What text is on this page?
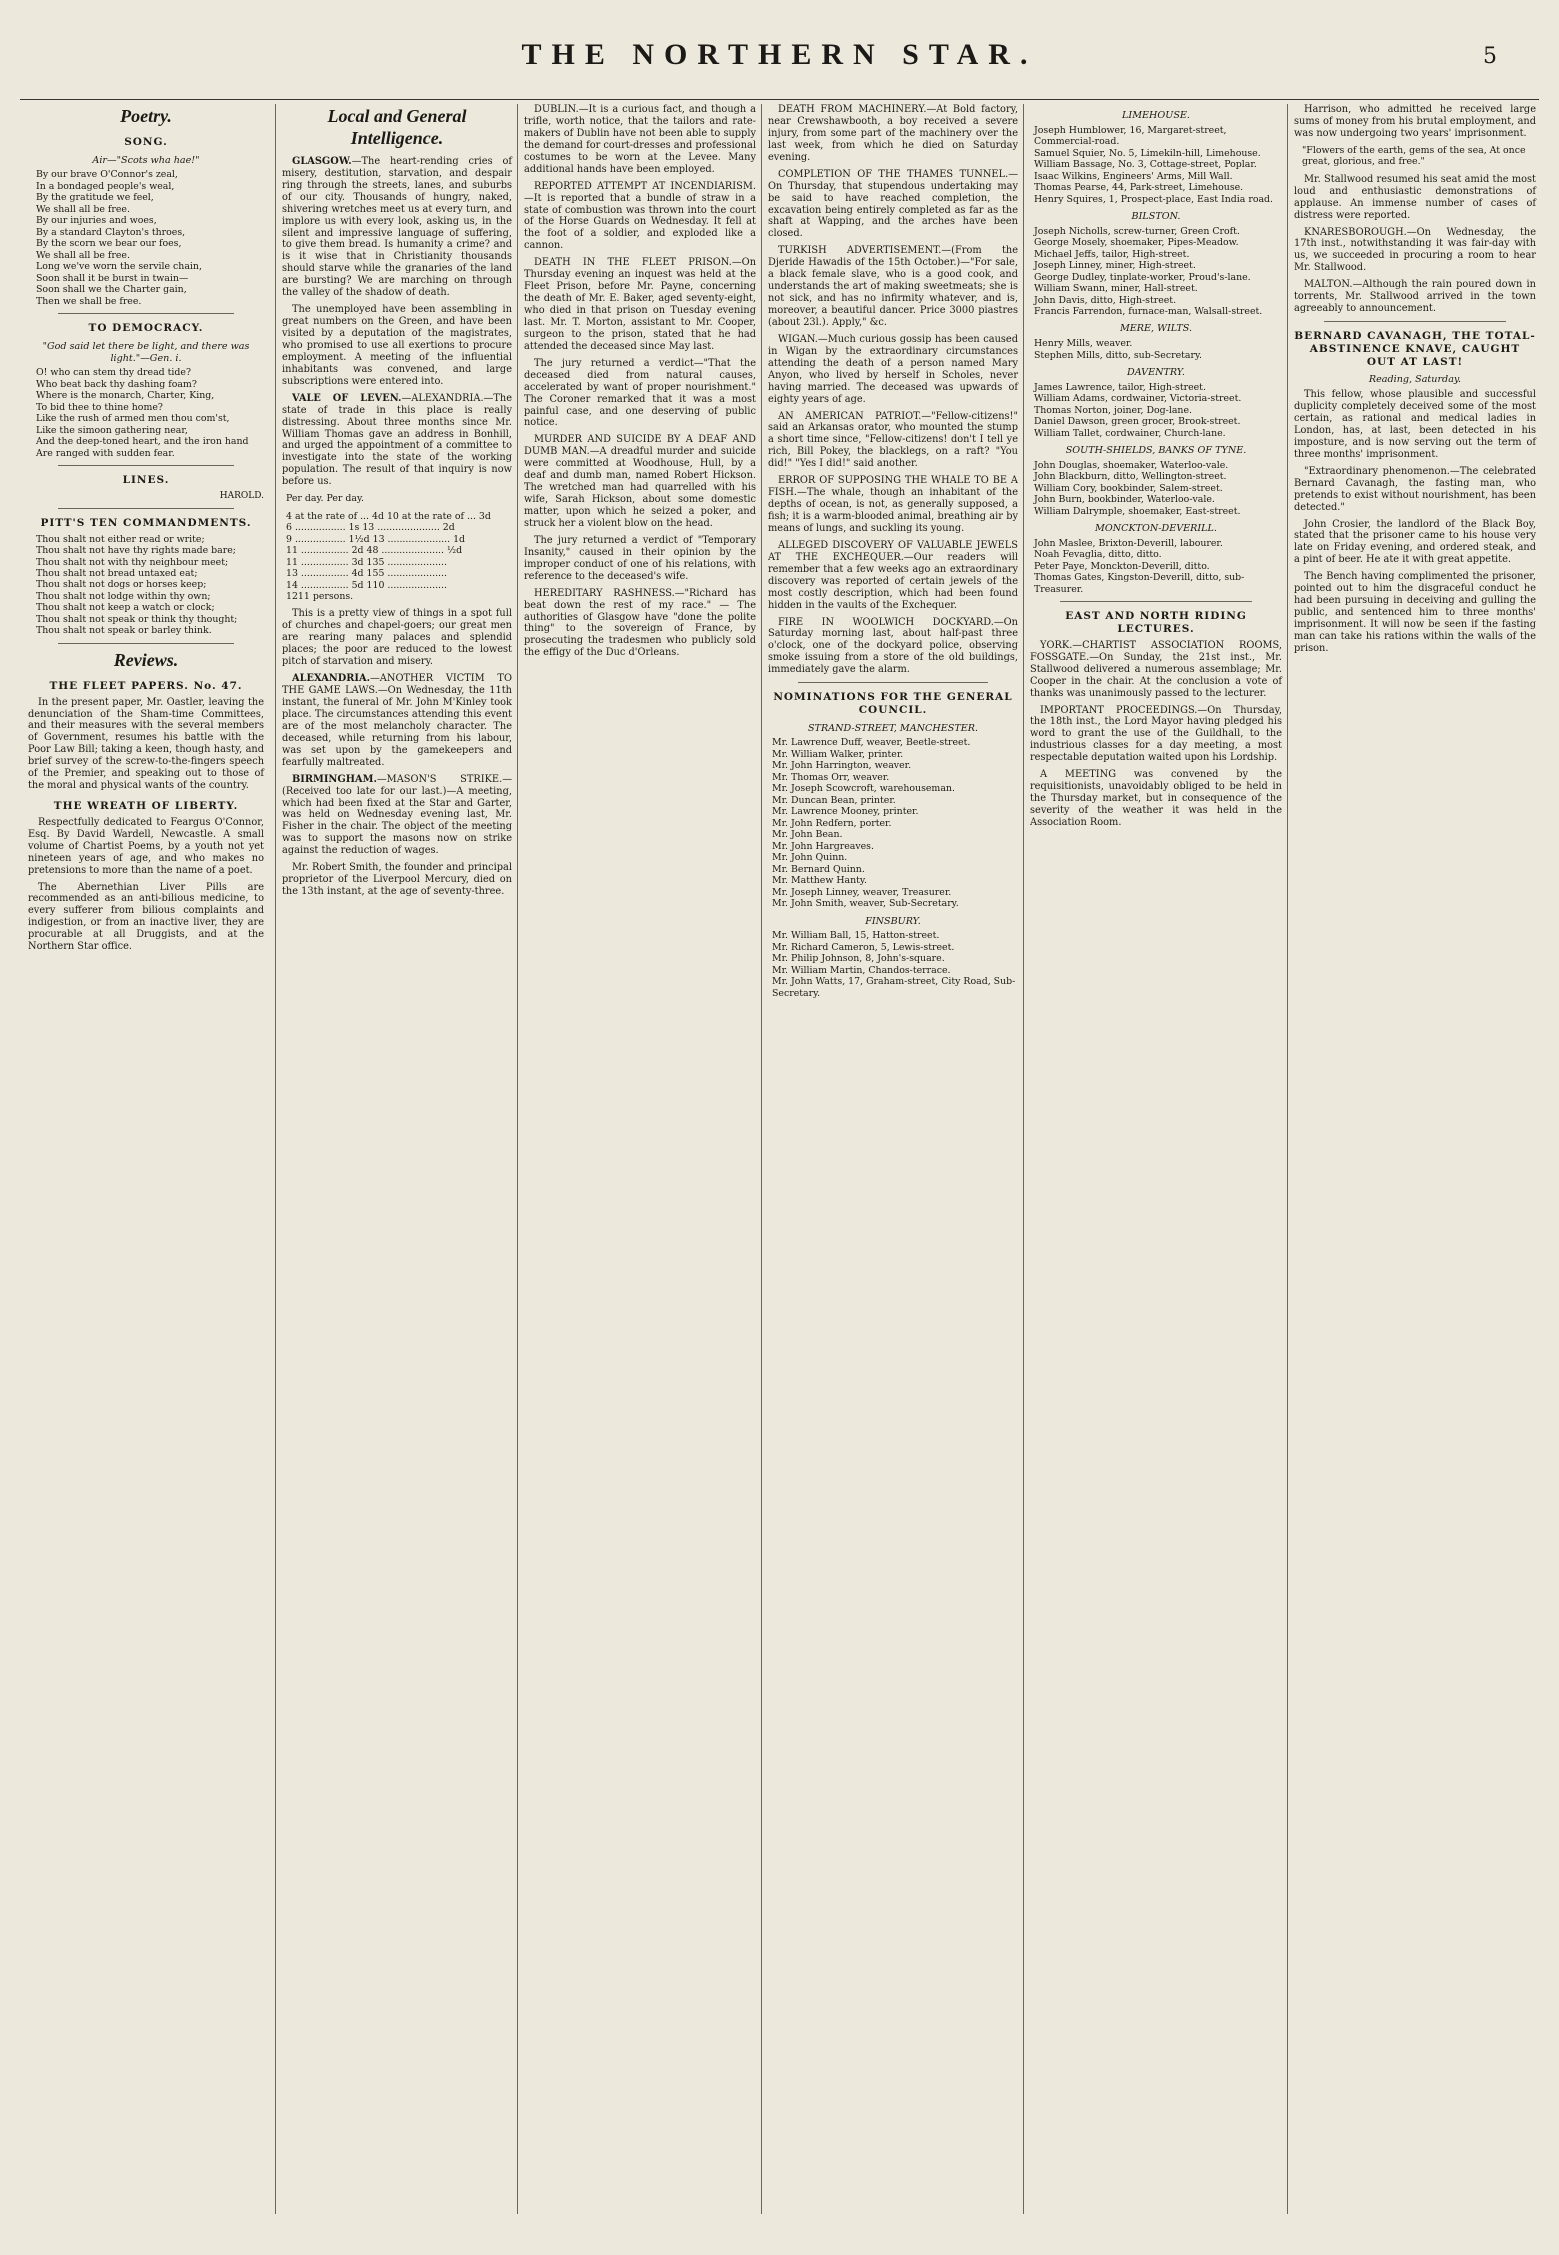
THE NORTHERN STAR.	5
Poetry.
SONG.
Air—"Scots wha hae!"
By our brave O'Connor's zeal,
In a bondaged people's weal,
By the gratitude we feel,
We shall all be free.
By our injuries and woes,
By a standard Clayton's throes,
By the scorn we bear our foes,
We shall all be free.
Long we've worn the servile chain,
Soon shall it be burst in twain—
Soon shall we the Charter gain,
Then we shall be free.
TO DEMOCRACY.
"God said let there be light, and there was light."—Gen. i.
O! who can stem thy dread tide?
Who beat back thy dashing foam?
Where is the monarch, Charter, King,
To bid thee to thine home?
Like the rush of armed men thou com'st,
Like the simoon gathering near,
And the deep-toned heart, and the iron hand
Are ranged with sudden fear.
LINES.
HAROLD.
PITT'S TEN COMMANDMENTS.
Thou shalt not either read or write;
Thou shalt not have thy rights made bare;
Thou shalt not with thy neighbour meet;
Thou shalt not bread untaxed eat;
Thou shalt not dogs or horses keep;
Thou shalt not lodge within thy own;
Thou shalt not keep a watch or clock;
Thou shalt not speak or think thy thought;
Thou shalt not speak or barley think.
Reviews.
THE FLEET PAPERS. No. 47.

In the present paper, Mr. Oastler, leaving the denunciation of the Sham-time Committees, and their measures with the several members of Government, resumes his battle with the Poor Law Bill; taking a keen, though hasty, and brief survey of the screw-to-the-fingers speech of the Premier, and speaking out to those of the moral and physical wants of the country.

THE WREATH OF LIBERTY.

Respectfully dedicated to Feargus O'Connor, Esq. By David Wardell, Newcastle. A small volume of Chartist Poems, by a youth not yet nineteen years of age, and who makes no pretensions to more than the name of a poet.

The Abernethian Liver Pills are recommended as an anti-bilious medicine, to every sufferer from bilious complaints and indigestion, or from an inactive liver, they are procurable at all Druggists, and at the Northern Star office.

Local and General Intelligence.

GLASGOW.—The heart-rending cries of misery, destitution, starvation, and despair ring through the streets, lanes, and suburbs of our city. Thousands of hungry, naked, shivering wretches meet us at every turn, and implore us with every look, asking us, in the silent and impressive language of suffering, to give them bread. Is humanity a crime? and is it wise that in Christianity thousands should starve while the granaries of the land are bursting? We are marching on through the valley of the shadow of death.

The unemployed have been assembling in great numbers on the Green, and have been visited by a deputation of the magistrates, who promised to use all exertions to procure employment. A meeting of the influential inhabitants was convened, and large subscriptions were entered into.

VALE OF LEVEN.—ALEXANDRIA.—The state of trade in this place is really distressing. About three months since Mr. William Thomas gave an address in Bonhill, and urged the appointment of a committee to investigate into the state of the working population. The result of that inquiry is now before us.

Per day. Per day.
4 at the rate of ... 4d 10 at the rate of ... 3d
6 ................. 1s 13 ..................... 2d
9 ................. 1½d 13 ..................... 1d
11 ................ 2d 48 ..................... ½d
11 ................ 3d 135 ....................
13 ................ 4d 155 ....................
14 ................ 5d 110 ....................
1211 persons.

This is a pretty view of things in a spot full of churches and chapel-goers; our great men are rearing many palaces and splendid places; the poor are reduced to the lowest pitch of starvation and misery.

ALEXANDRIA.—ANOTHER VICTIM TO THE GAME LAWS.—On Wednesday, the 11th instant, the funeral of Mr. John M'Kinley took place. The circumstances attending this event are of the most melancholy character. The deceased, while returning from his labour, was set upon by the gamekeepers and fearfully maltreated.

BIRMINGHAM.—MASON'S STRIKE.—(Received too late for our last.)—A meeting, which had been fixed at the Star and Garter, was held on Wednesday evening last, Mr. Fisher in the chair. The object of the meeting was to support the masons now on strike against the reduction of wages.

Mr. Robert Smith, the founder and principal proprietor of the Liverpool Mercury, died on the 13th instant, at the age of seventy-three.

DUBLIN.—It is a curious fact, and though a trifle, worth notice, that the tailors and rate-makers of Dublin have not been able to supply the demand for court-dresses and professional costumes to be worn at the Levee. Many additional hands have been employed.

REPORTED ATTEMPT AT INCENDIARISM.—It is reported that a bundle of straw in a state of combustion was thrown into the court of the Horse Guards on Wednesday. It fell at the foot of a soldier, and exploded like a cannon.

DEATH IN THE FLEET PRISON.—On Thursday evening an inquest was held at the Fleet Prison, before Mr. Payne, concerning the death of Mr. E. Baker, aged seventy-eight, who died in that prison on Tuesday evening last. Mr. T. Morton, assistant to Mr. Cooper, surgeon to the prison, stated that he had attended the deceased since May last.

The jury returned a verdict—"That the deceased died from natural causes, accelerated by want of proper nourishment." The Coroner remarked that it was a most painful case, and one deserving of public notice.

MURDER AND SUICIDE BY A DEAF AND DUMB MAN.—A dreadful murder and suicide were committed at Woodhouse, Hull, by a deaf and dumb man, named Robert Hickson. The wretched man had quarrelled with his wife, Sarah Hickson, about some domestic matter, upon which he seized a poker, and struck her a violent blow on the head.

The jury returned a verdict of "Temporary Insanity," caused in their opinion by the improper conduct of one of his relations, with reference to the deceased's wife.

HEREDITARY RASHNESS.—"Richard has beat down the rest of my race." — The authorities of Glasgow have "done the polite thing" to the sovereign of France, by prosecuting the tradesmen who publicly sold the effigy of the Duc d'Orleans.

DEATH FROM MACHINERY.—At Bold factory, near Crewshawbooth, a boy received a severe injury, from some part of the machinery over the last week, from which he died on Saturday evening.

COMPLETION OF THE THAMES TUNNEL.—On Thursday, that stupendous undertaking may be said to have reached completion, the excavation being entirely completed as far as the shaft at Wapping, and the arches have been closed.

TURKISH ADVERTISEMENT.—(From the Djeride Hawadis of the 15th October.)—"For sale, a black female slave, who is a good cook, and understands the art of making sweetmeats; she is not sick, and has no infirmity whatever, and is, moreover, a beautiful dancer. Price 3000 piastres (about 23l.). Apply," &c.

WIGAN.—Much curious gossip has been caused in Wigan by the extraordinary circumstances attending the death of a person named Mary Anyon, who lived by herself in Scholes, never having married. The deceased was upwards of eighty years of age.

AN AMERICAN PATRIOT.—"Fellow-citizens!" said an Arkansas orator, who mounted the stump a short time since, "Fellow-citizens! don't I tell ye rich, Bill Pokey, the blacklegs, on a raft? "You did!" "Yes I did!" said another.

ERROR OF SUPPOSING THE WHALE TO BE A FISH.—The whale, though an inhabitant of the depths of ocean, is not, as generally supposed, a fish; it is a warm-blooded animal, breathing air by means of lungs, and suckling its young.

ALLEGED DISCOVERY OF VALUABLE JEWELS AT THE EXCHEQUER.—Our readers will remember that a few weeks ago an extraordinary discovery was reported of certain jewels of the most costly description, which had been found hidden in the vaults of the Exchequer.

FIRE IN WOOLWICH DOCKYARD.—On Saturday morning last, about half-past three o'clock, one of the dockyard police, observing smoke issuing from a store of the old buildings, immediately gave the alarm.

NOMINATIONS FOR THE GENERAL COUNCIL.
STRAND-STREET, MANCHESTER.
Mr. Lawrence Duff, weaver, Beetle-street.
Mr. William Walker, printer.
Mr. John Harrington, weaver.
Mr. Thomas Orr, weaver.
Mr. Joseph Scowcroft, warehouseman.
Mr. Duncan Bean, printer.
Mr. Lawrence Mooney, printer.
Mr. John Redfern, porter.
Mr. John Bean.
Mr. John Hargreaves.
Mr. John Quinn.
Mr. Bernard Quinn.
Mr. Matthew Hanty.
Mr. Joseph Linney, weaver, Treasurer.
Mr. John Smith, weaver, Sub-Secretary.
FINSBURY.
Mr. William Ball, 15, Hatton-street.
Mr. Richard Cameron, 5, Lewis-street.
Mr. Philip Johnson, 8, John's-square.
Mr. William Martin, Chandos-terrace.
Mr. John Watts, 17, Graham-street, City Road, Sub-Secretary.
LIMEHOUSE.
Joseph Humblower, 16, Margaret-street, Commercial-road.
Samuel Squier, No. 5, Limekiln-hill, Limehouse.
William Bassage, No. 3, Cottage-street, Poplar.
Isaac Wilkins, Engineers' Arms, Mill Wall.
Thomas Pearse, 44, Park-street, Limehouse.
Henry Squires, 1, Prospect-place, East India road.
BILSTON.
Joseph Nicholls, screw-turner, Green Croft.
George Mosely, shoemaker, Pipes-Meadow.
Michael Jeffs, tailor, High-street.
Joseph Linney, miner, High-street.
George Dudley, tinplate-worker, Proud's-lane.
William Swann, miner, Hall-street.
John Davis, ditto, High-street.
Francis Farrendon, furnace-man, Walsall-street.
MERE, WILTS.
Henry Mills, weaver.
Stephen Mills, ditto, sub-Secretary.
DAVENTRY.
James Lawrence, tailor, High-street.
William Adams, cordwainer, Victoria-street.
Thomas Norton, joiner, Dog-lane.
Daniel Dawson, green grocer, Brook-street.
William Tallet, cordwainer, Church-lane.
SOUTH-SHIELDS, BANKS OF TYNE.
John Douglas, shoemaker, Waterloo-vale.
John Blackburn, ditto, Wellington-street.
William Cory, bookbinder, Salem-street.
John Burn, bookbinder, Waterloo-vale.
William Dalrymple, shoemaker, East-street.
MONCKTON-DEVERILL.
John Maslee, Brixton-Deverill, labourer.
Noah Fevaglia, ditto, ditto.
Peter Paye, Monckton-Deverill, ditto.
Thomas Gates, Kingston-Deverill, ditto, sub-Treasurer.
EAST AND NORTH RIDING LECTURES.

YORK.—CHARTIST ASSOCIATION ROOMS, FOSSGATE.—On Sunday, the 21st inst., Mr. Stallwood delivered a numerous assemblage; Mr. Cooper in the chair. At the conclusion a vote of thanks was unanimously passed to the lecturer.

IMPORTANT PROCEEDINGS.—On Thursday, the 18th inst., the Lord Mayor having pledged his word to grant the use of the Guildhall, to the industrious classes for a day meeting, a most respectable deputation waited upon his Lordship.

A MEETING was convened by the requisitionists, unavoidably obliged to be held in the Thursday market, but in consequence of the severity of the weather it was held in the Association Room.

Harrison, who admitted he received large sums of money from his brutal employment, and was now undergoing two years' imprisonment.

"Flowers of the earth, gems of the sea, At once great, glorious, and free."

Mr. Stallwood resumed his seat amid the most loud and enthusiastic demonstrations of applause. An immense number of cases of distress were reported.

KNARESBOROUGH.—On Wednesday, the 17th inst., notwithstanding it was fair-day with us, we succeeded in procuring a room to hear Mr. Stallwood.

MALTON.—Although the rain poured down in torrents, Mr. Stallwood arrived in the town agreeably to announcement.

BERNARD CAVANAGH, THE TOTAL-ABSTINENCE KNAVE, CAUGHT OUT AT LAST!
Reading, Saturday.

This fellow, whose plausible and successful duplicity completely deceived some of the most certain, as rational and medical ladies in London, has, at last, been detected in his imposture, and is now serving out the term of three months' imprisonment.

"Extraordinary phenomenon.—The celebrated Bernard Cavanagh, the fasting man, who pretends to exist without nourishment, has been detected."

John Crosier, the landlord of the Black Boy, stated that the prisoner came to his house very late on Friday evening, and ordered steak, and a pint of beer. He ate it with great appetite.

The Bench having complimented the prisoner, pointed out to him the disgraceful conduct he had been pursuing in deceiving and gulling the public, and sentenced him to three months' imprisonment. It will now be seen if the fasting man can take his rations within the walls of the prison.
